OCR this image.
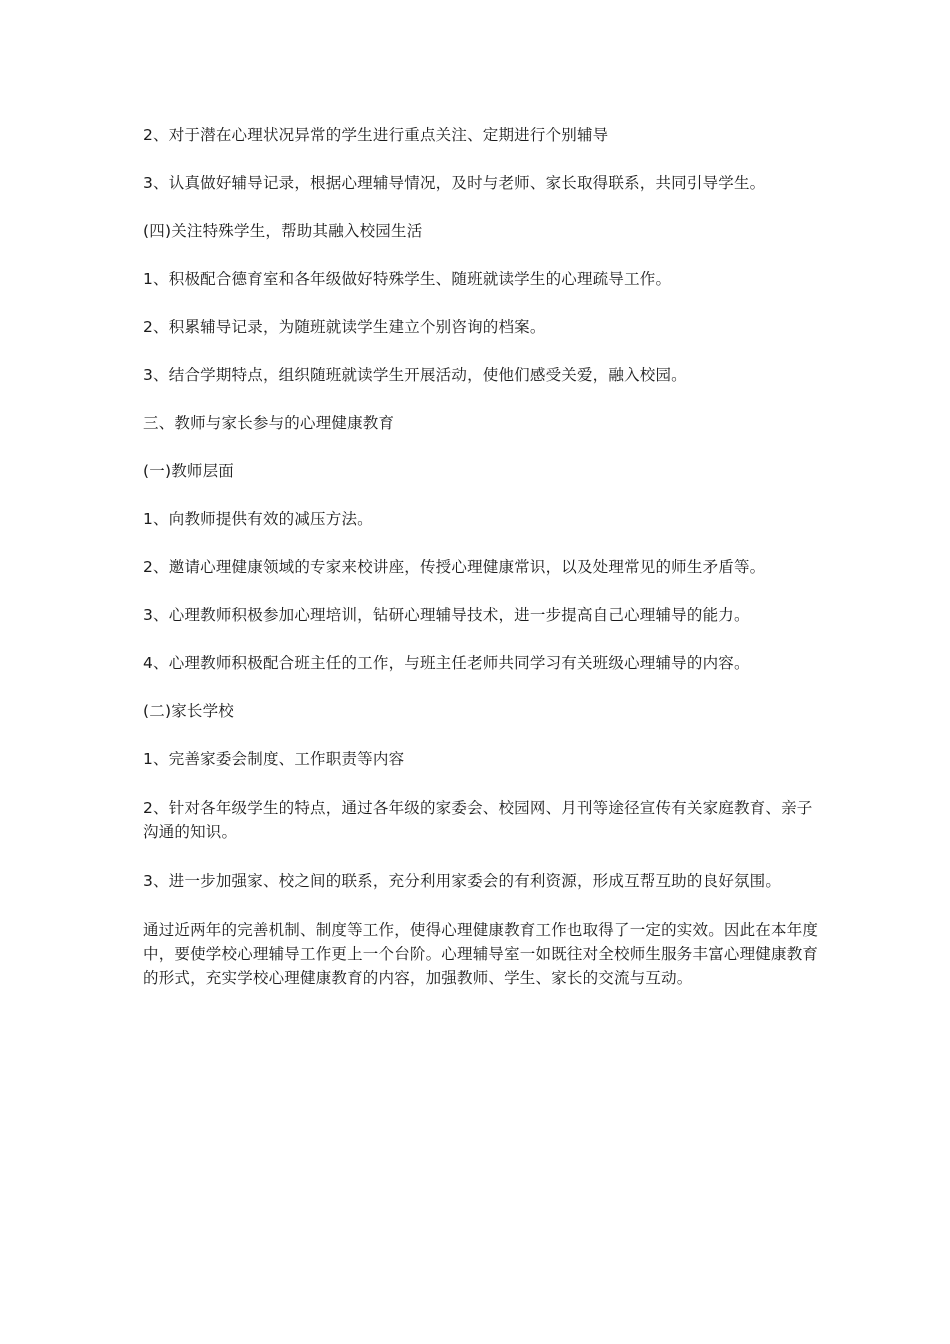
2、对于潜在心理状况异常的学生进行重点关注、定期进行个别辅导

3、认真做好辅导记录，根据心理辅导情况，及时与老师、家长取得联系，共同引导学生。

(四)关注特殊学生，帮助其融入校园生活

1、积极配合德育室和各年级做好特殊学生、随班就读学生的心理疏导工作。

2、积累辅导记录，为随班就读学生建立个别咨询的档案。

3、结合学期特点，组织随班就读学生开展活动，使他们感受关爱，融入校园。

三、教师与家长参与的心理健康教育

(一)教师层面

1、向教师提供有效的减压方法。

2、邀请心理健康领域的专家来校讲座，传授心理健康常识，以及处理常见的师生矛盾等。

3、心理教师积极参加心理培训，钻研心理辅导技术，进一步提高自己心理辅导的能力。

4、心理教师积极配合班主任的工作，与班主任老师共同学习有关班级心理辅导的内容。

(二)家长学校

1、完善家委会制度、工作职责等内容

2、针对各年级学生的特点，通过各年级的家委会、校园网、月刊等途径宣传有关家庭教育、亲子沟通的知识。

3、进一步加强家、校之间的联系，充分利用家委会的有利资源，形成互帮互助的良好氛围。

通过近两年的完善机制、制度等工作，使得心理健康教育工作也取得了一定的实效。因此在本年度中，要使学校心理辅导工作更上一个台阶。心理辅导室一如既往对全校师生服务丰富心理健康教育的形式，充实学校心理健康教育的内容，加强教师、学生、家长的交流与互动。
